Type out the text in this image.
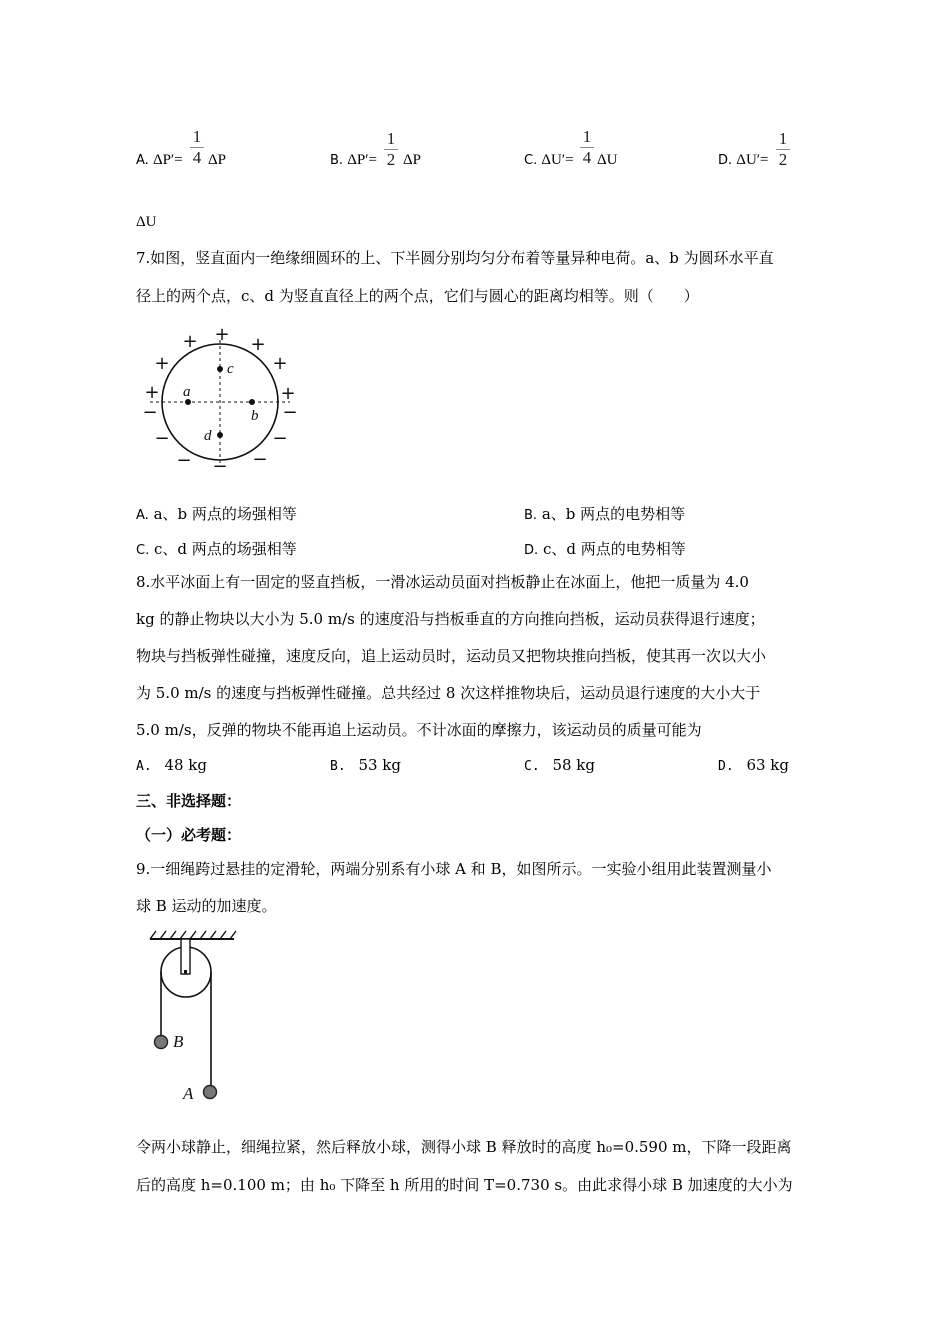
A. ΔP′=
1
4 ΔP	B. ΔP′=
1
2 ΔP	C. ΔU′=
1
4 ΔU	D. ΔU′=
1
2
ΔU
7.如图，竖直面内一绝缘细圆环的上、下半圆分别均匀分布着等量异种电荷。a、b 为圆环水平直
径上的两个点，c、d 为竖直直径上的两个点，它们与圆心的距离均相等。则（　　）
a
b
c
d
+
+	+
+	+
+	+
−	−
−	−
−	−
−
A. a、b 两点的场强相等	B. a、b 两点的电势相等
C. c、d 两点的场强相等	D. c、d 两点的电势相等
8.水平冰面上有一固定的竖直挡板，一滑冰运动员面对挡板静止在冰面上，他把一质量为 4.0
kg 的静止物块以大小为 5.0 m/s 的速度沿与挡板垂直的方向推向挡板，运动员获得退行速度；
物块与挡板弹性碰撞，速度反向，追上运动员时，运动员又把物块推向挡板，使其再一次以大小
为 5.0 m/s 的速度与挡板弹性碰撞。总共经过 8 次这样推物块后，运动员退行速度的大小大于
5.0 m/s，反弹的物块不能再追上运动员。不计冰面的摩擦力，该运动员的质量可能为
A. 48 kg	B. 53 kg	C. 58 kg	D. 63 kg
三、非选择题：
（一）必考题：
9.一细绳跨过悬挂的定滑轮，两端分别系有小球 A 和 B，如图所示。一实验小组用此装置测量小
球 B 运动的加速度。
B
A
令两小球静止，细绳拉紧，然后释放小球，测得小球 B 释放时的高度 h₀=0.590 m，下降一段距离
后的高度 h=0.100 m；由 h₀ 下降至 h 所用的时间 T=0.730 s。由此求得小球 B 加速度的大小为
